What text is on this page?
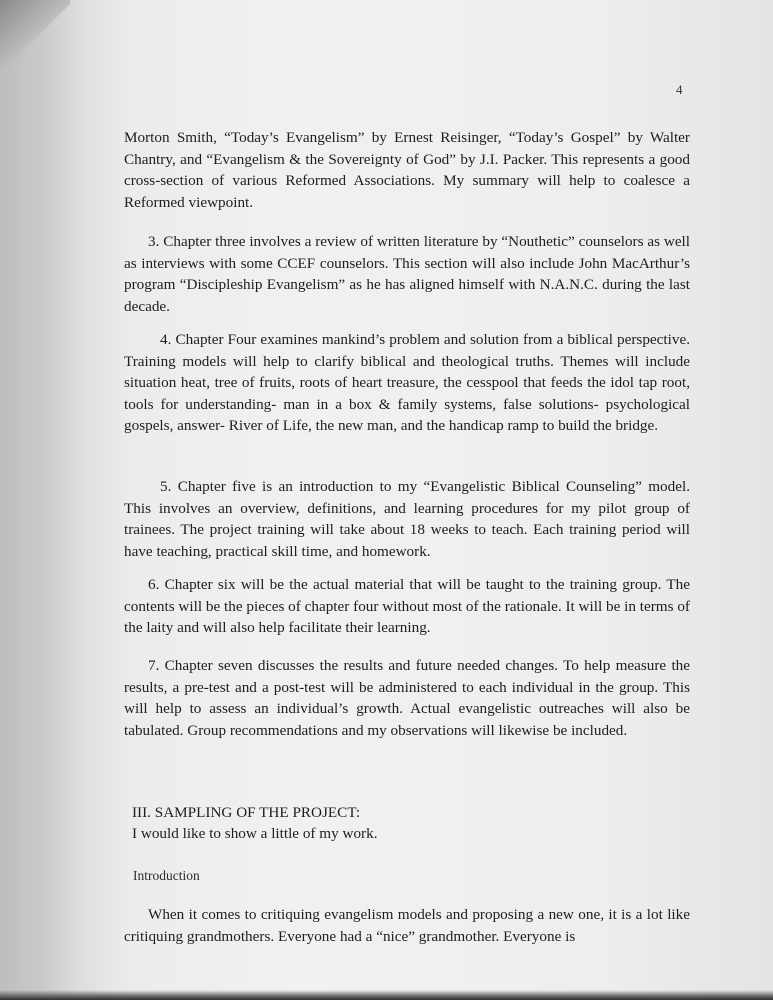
4

Morton Smith, “Today’s Evangelism” by Ernest Reisinger, “Today’s Gospel” by Walter Chantry, and “Evangelism & the Sovereignty of God” by J.I. Packer. This represents a good cross-section of various Reformed Associations. My summary will help to coalesce a Reformed viewpoint.

3. Chapter three involves a review of written literature by “Nouthetic” counselors as well as interviews with some CCEF counselors. This section will also include John MacArthur’s program “Discipleship Evangelism” as he has aligned himself with N.A.N.C. during the last decade.

4. Chapter Four examines mankind’s problem and solution from a biblical perspective. Training models will help to clarify biblical and theological truths. Themes will include situation heat, tree of fruits, roots of heart treasure, the cesspool that feeds the idol tap root, tools for understanding- man in a box & family systems, false solutions- psychological gospels, answer- River of Life, the new man, and the handicap ramp to build the bridge.

5. Chapter five is an introduction to my “Evangelistic Biblical Counseling” model. This involves an overview, definitions, and learning procedures for my pilot group of trainees. The project training will take about 18 weeks to teach. Each training period will have teaching, practical skill time, and homework.

6. Chapter six will be the actual material that will be taught to the training group. The contents will be the pieces of chapter four without most of the rationale. It will be in terms of the laity and will also help facilitate their learning.

7. Chapter seven discusses the results and future needed changes. To help measure the results, a pre-test and a post-test will be administered to each individual in the group. This will help to assess an individual’s growth. Actual evangelistic outreaches will also be tabulated. Group recommendations and my observations will likewise be included.

III. SAMPLING OF THE PROJECT:

I would like to show a little of my work.

Introduction

When it comes to critiquing evangelism models and proposing a new one, it is a lot like critiquing grandmothers. Everyone had a “nice” grandmother. Everyone is
